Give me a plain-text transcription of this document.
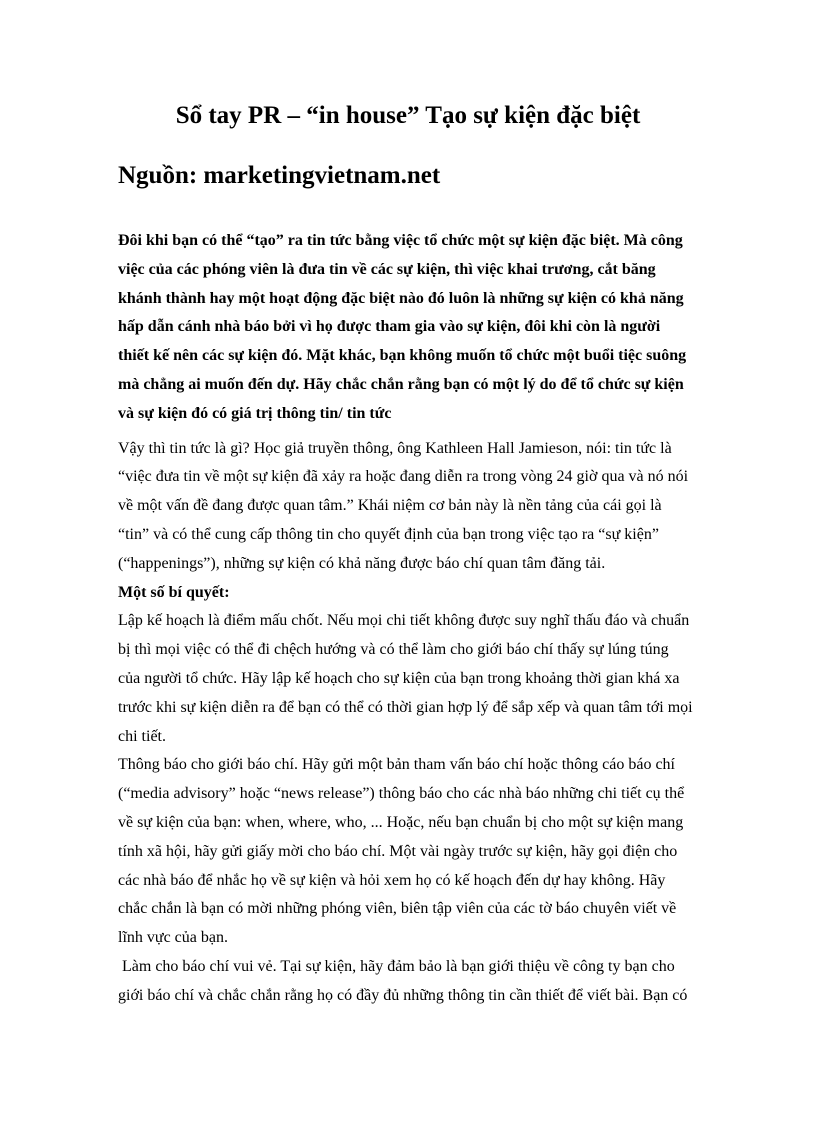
Sổ tay PR – “in house” Tạo sự kiện đặc biệt
Nguồn: marketingvietnam.net
Đôi khi bạn có thể “tạo” ra tin tức bằng việc tổ chức một sự kiện đặc biệt. Mà công
việc của các phóng viên là đưa tin về các sự kiện, thì việc khai trương, cắt băng
khánh thành hay một hoạt động đặc biệt nào đó luôn là những sự kiện có khả năng
hấp dẫn cánh nhà báo bởi vì họ được tham gia vào sự kiện, đôi khi còn là người
thiết kế nên các sự kiện đó. Mặt khác, bạn không muốn tổ chức một buổi tiệc suông
mà chẳng ai muốn đến dự. Hãy chắc chắn rằng bạn có một lý do để tổ chức sự kiện
và sự kiện đó có giá trị thông tin/ tin tức
Vậy thì tin tức là gì? Học giả truyền thông, ông Kathleen Hall Jamieson, nói: tin tức là
“việc đưa tin về một sự kiện đã xảy ra hoặc đang diễn ra trong vòng 24 giờ qua và nó nói
về một vấn đề đang được quan tâm.” Khái niệm cơ bản này là nền tảng của cái gọi là
“tin” và có thể cung cấp thông tin cho quyết định của bạn trong việc tạo ra “sự kiện”
(“happenings”), những sự kiện có khả năng được báo chí quan tâm đăng tải.
Một số bí quyết:
Lập kế hoạch là điểm mấu chốt. Nếu mọi chi tiết không được suy nghĩ thấu đáo và chuẩn
bị thì mọi việc có thể đi chệch hướng và có thể làm cho giới báo chí thấy sự lúng túng
của người tổ chức. Hãy lập kế hoạch cho sự kiện của bạn trong khoảng thời gian khá xa
trước khi sự kiện diễn ra để bạn có thể có thời gian hợp lý để sắp xếp và quan tâm tới mọi
chi tiết.
Thông báo cho giới báo chí. Hãy gửi một bản tham vấn báo chí hoặc thông cáo báo chí
(“media advisory” hoặc “news release”) thông báo cho các nhà báo những chi tiết cụ thể
về sự kiện của bạn: when, where, who, ... Hoặc, nếu bạn chuẩn bị cho một sự kiện mang
tính xã hội, hãy gửi giấy mời cho báo chí. Một vài ngày trước sự kiện, hãy gọi điện cho
các nhà báo để nhắc họ về sự kiện và hỏi xem họ có kế hoạch đến dự hay không. Hãy
chắc chắn là bạn có mời những phóng viên, biên tập viên của các tờ báo chuyên viết về
lĩnh vực của bạn.
Làm cho báo chí vui vẻ. Tại sự kiện, hãy đảm bảo là bạn giới thiệu về công ty bạn cho
giới báo chí và chắc chắn rằng họ có đầy đủ những thông tin cần thiết để viết bài. Bạn có
